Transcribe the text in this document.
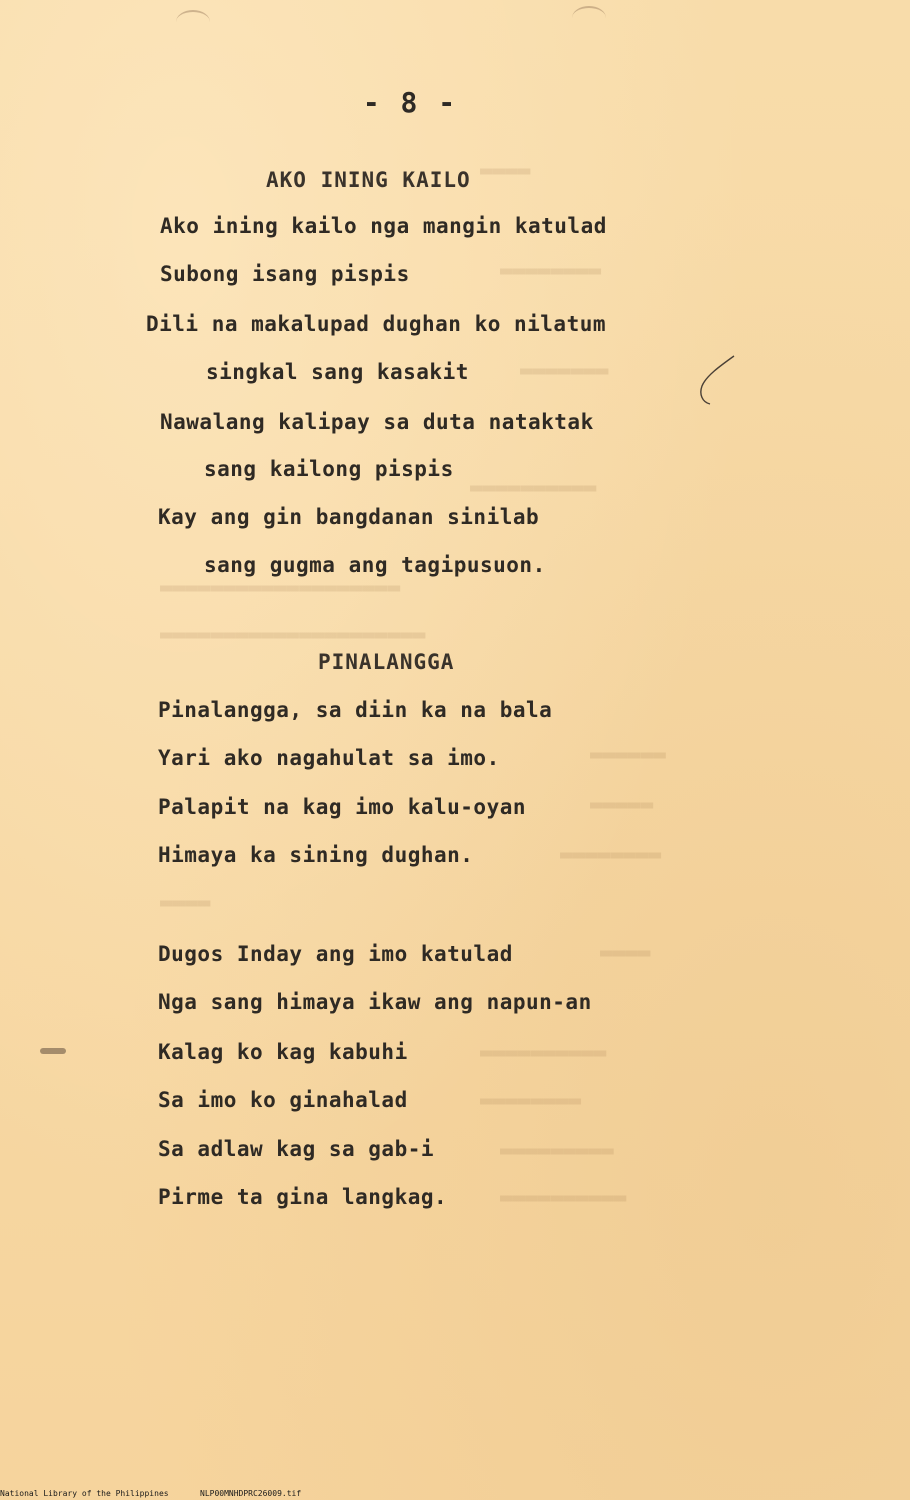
▬▬▬▬
▬▬▬▬▬▬▬▬
▬▬▬▬▬▬▬
▬▬▬▬▬▬▬▬▬▬
▬▬▬▬▬▬▬▬▬▬▬▬▬▬▬▬▬▬▬
▬▬▬▬▬▬▬▬▬▬▬▬▬▬▬▬▬▬▬▬▬
▬▬▬▬▬▬
▬▬▬▬▬
▬▬▬▬▬▬▬▬
▬▬▬▬
▬▬▬▬
▬▬▬▬▬▬▬▬▬▬
▬▬▬▬▬▬▬▬
▬▬▬▬▬▬▬▬▬
▬▬▬▬▬▬▬▬▬▬
- 8 -
AKO INING KAILO
Ako ining kailo nga mangin katulad
Subong isang pispis
Dili na makalupad dughan ko nilatum
singkal sang kasakit
Nawalang kalipay sa duta nataktak
sang kailong pispis
Kay ang gin bangdanan sinilab
sang gugma ang tagipusuon.
PINALANGGA
Pinalangga, sa diin ka na bala
Yari ako nagahulat sa imo.
Palapit na kag imo kalu-oyan
Himaya ka sining dughan.
Dugos Inday ang imo katulad
Nga sang himaya ikaw ang napun-an
Kalag ko kag kabuhi
Sa imo ko ginahalad
Sa adlaw kag sa gab-i
Pirme ta gina langkag.
National Library of the Philippines	NLP00MNHDPRC26009.tif
